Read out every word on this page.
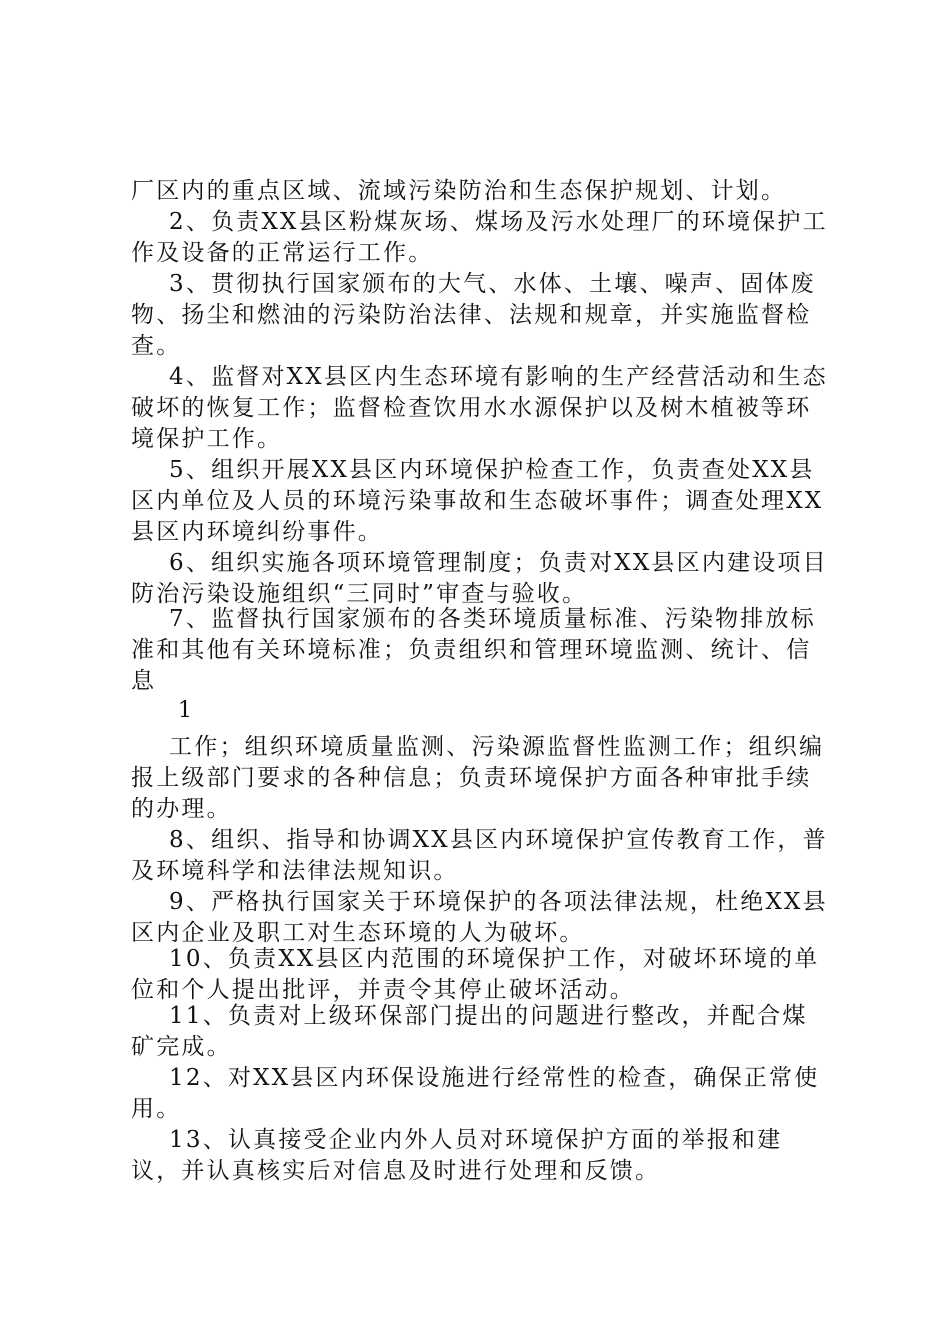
厂区内的重点区域、流域污染防治和生态保护规划、计划。

2、负责XX县区粉煤灰场、煤场及污水处理厂的环境保护工作及设备的正常运行工作。

3、贯彻执行国家颁布的大气、水体、土壤、噪声、固体废物、扬尘和燃油的污染防治法律、法规和规章，并实施监督检查。

4、监督对XX县区内生态环境有影响的生产经营活动和生态破坏的恢复工作；监督检查饮用水水源保护以及树木植被等环境保护工作。

5、组织开展XX县区内环境保护检查工作，负责查处XX县区内单位及人员的环境污染事故和生态破坏事件；调查处理XX县区内环境纠纷事件。

6、组织实施各项环境管理制度；负责对XX县区内建设项目防治污染设施组织“三同时”审查与验收。

7、监督执行国家颁布的各类环境质量标准、污染物排放标准和其他有关环境标准；负责组织和管理环境监测、统计、信息

1

工作；组织环境质量监测、污染源监督性监测工作；组织编报上级部门要求的各种信息；负责环境保护方面各种审批手续的办理。

8、组织、指导和协调XX县区内环境保护宣传教育工作，普及环境科学和法律法规知识。

9、严格执行国家关于环境保护的各项法律法规，杜绝XX县区内企业及职工对生态环境的人为破坏。

10、负责XX县区内范围的环境保护工作，对破坏环境的单位和个人提出批评，并责令其停止破坏活动。

11、负责对上级环保部门提出的问题进行整改，并配合煤矿完成。

12、对XX县区内环保设施进行经常性的检查，确保正常使用。

13、认真接受企业内外人员对环境保护方面的举报和建议，并认真核实后对信息及时进行处理和反馈。
